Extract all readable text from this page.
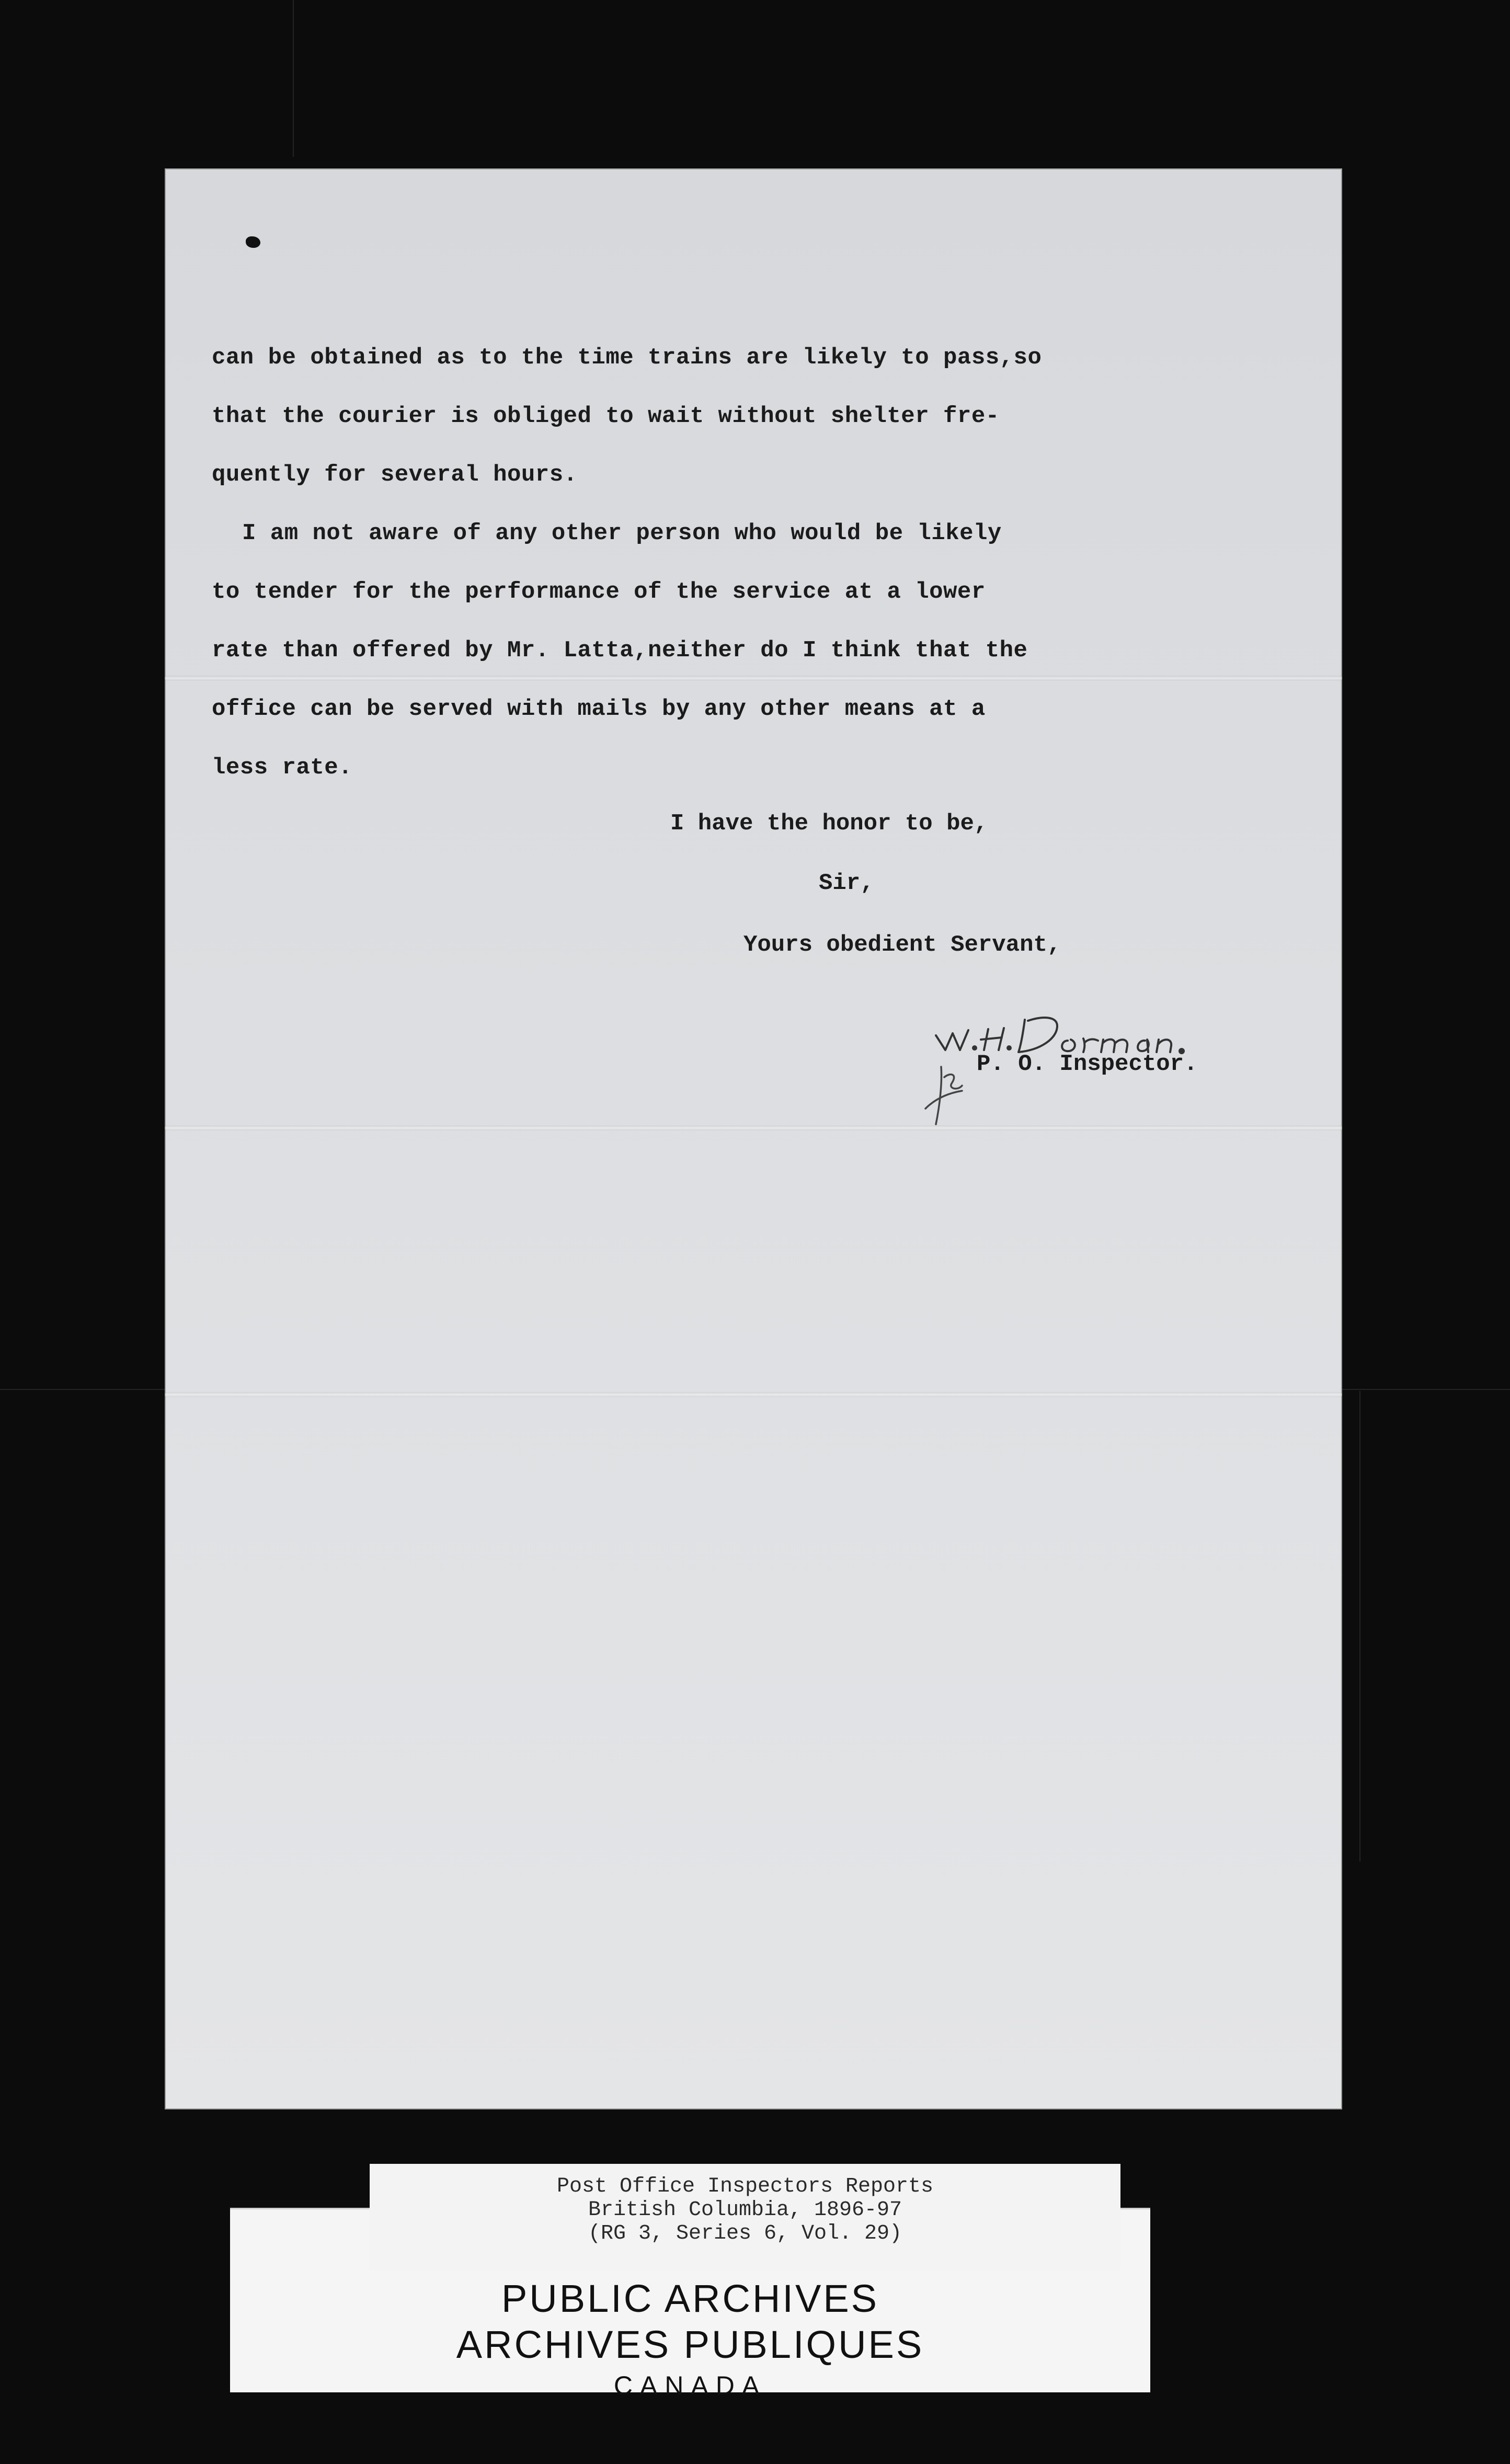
can be obtained as to the time trains are likely to pass,so
that the courier is obliged to wait without shelter fre-
quently for several hours.
I am not aware of any other person who would be likely
to tender for the performance of the service at a lower
rate than offered by Mr. Latta,neither do I think that the
office can be served with mails by any other means at a
less rate.
I have the honor to be,
Sir,
Yours obedient Servant,
P. O. Inspector.
PUBLIC ARCHIVES
ARCHIVES PUBLIQUES
CANADA
Post Office Inspectors Reports
British Columbia, 1896-97
(RG 3, Series 6, Vol. 29)
